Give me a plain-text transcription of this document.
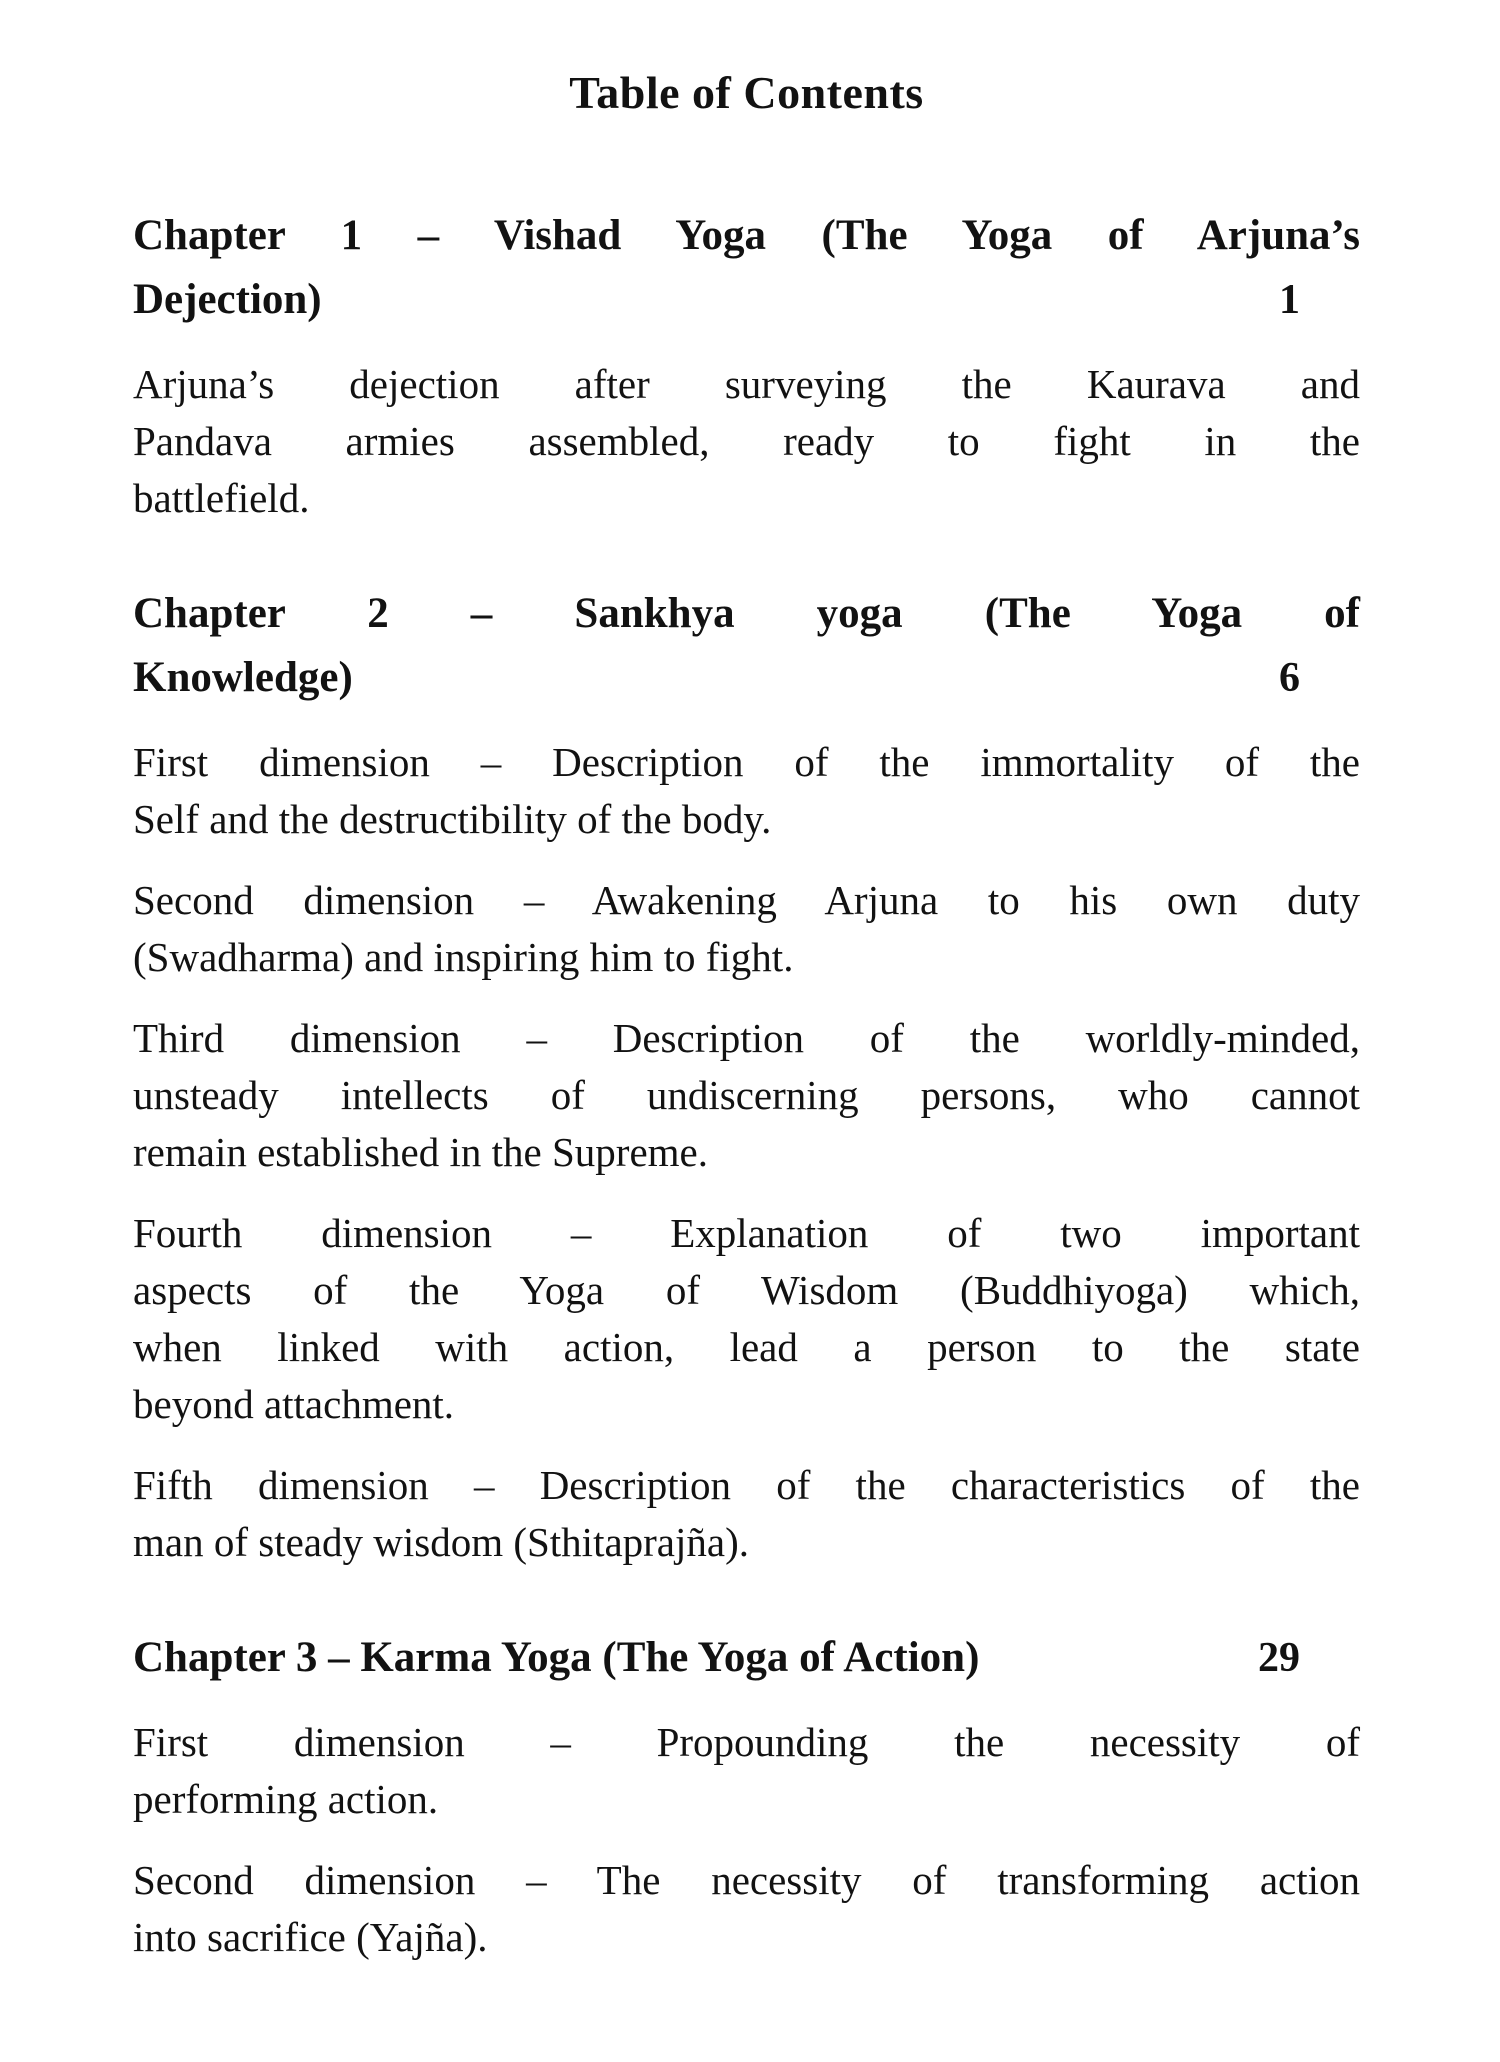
Table of Contents
Chapter 1 – Vishad Yoga (The Yoga of Arjuna’s
Dejection)	1

Arjuna’s dejection after surveying the Kaurava and
Pandava armies assembled, ready to fight in the
battlefield.

Chapter 2 – Sankhya yoga (The Yoga of
Knowledge)	6

First dimension – Description of the immortality of the
Self and the destructibility of the body.

Second dimension – Awakening Arjuna to his own duty
(Swadharma) and inspiring him to fight.

Third dimension – Description of the worldly-minded,
unsteady intellects of undiscerning persons, who cannot
remain established in the Supreme.

Fourth dimension – Explanation of two important
aspects of the Yoga of Wisdom (Buddhiyoga) which,
when linked with action, lead a person to the state
beyond attachment.

Fifth dimension – Description of the characteristics of the
man of steady wisdom (Sthitaprajña).

Chapter 3 – Karma Yoga (The Yoga of Action)	29

First dimension – Propounding the necessity of
performing action.

Second dimension – The necessity of transforming action
into sacrifice (Yajña).
